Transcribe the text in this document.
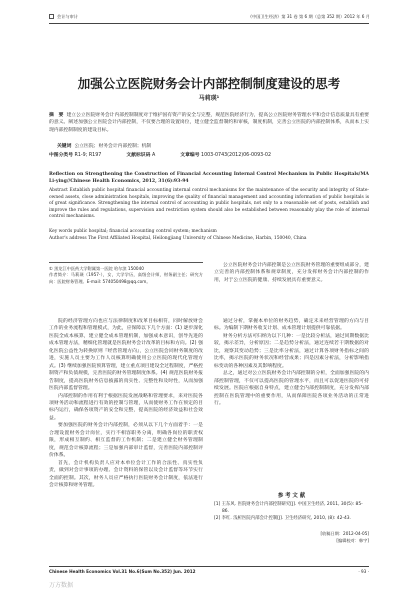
会计与审计	《中国卫生经济》第 31 卷 第 6 期（总第 352 期）2012 年 6 月
加强公立医院财务会计内部控制制度建设的思考
马莉瑛¹
摘　要 建立公立医院财务会计内部控制制度对于维护国有资产的安全与完整，规范医院经济行为，提高公立医院财务管理水平和会计信息质量具有重要的意义。阐述加强公立医院会计内部控制，不仅要合理的设置岗位，建立健全监督制约和审核，制度机制，完善公立医院的内部控制体系，从而本上实现内部控制制度的建设目标。
关键词 公立医院；财务会计内部控制；机制
中图分类号 R1-9; R197	文献标识码 A	文章编号 1003-0743(2012)06-0093-02
Reflection on Strengthening the Construction of Financial Accounting Internal Control Mechanism in Public Hospitals/MA Li-ying//Chinese Health Economics, 2012, 31(6):93-94
Abstract Establish public hospital financial accounting internal control mechanisms for the maintenance of the security and integrity of State-owned assets, close administration hospitals, improving the quality of financial management and accounting information of public hospitals is of great significance. Strengthening the internal control of accounting in public hospitals, not only to a reasonable set of posts, establish and improve the rules and regulations, supervision and restriction system should also be established between reasonably play the role of internal control mechanisms.
Key words public hospital; financial accounting control system; mechanism
Author's address The First Affiliated Hospital, Heilongjiang University of Chinese Medicine, Harbin, 150040, China
① 黑龙江中医药大学附属第一医院 哈尔滨 150040
作者简介：马莉瑛（1957-），女，大学学历，高级会计师，财务副主任；研究方向：医院财务管理。E-mail: 574050498@qq.com。

公立医院财务会计内部控制是公立医院财务管理的重要组成部分，建立完善的内部控制体系和规章制度，充分发挥财务会计内部控制的作用，对于公立医院的健康、持续发展具有重要意义。

院的经济管理方向也应与法律制度和改革目标相符，同时解放财会工作的业务流程和管理模式，为此，应保障以下几个方面：(1) 逐步深化医院全成本核算，建立健全成本管理机制，加强成本意识，创导先进的成本管理方法，精细化管理就是医院财务会计改革的目标和方向。(2) 强化医院公益性为转换原则『经营管理方向』，公立医院会同财务制度的改进，实施人员主要为工作人员核算明确使用公立医院的现代化管理方式。(3) 继续加强医院预算管理，建立重点项目建设全过程制度，严格控制资产和负债规模，完善医院的财务管理制度体系。(4) 规范医院财务报告制度，提高医院财务信息披露的真实性、完整性和及时性，从而加强医院内部监督管理。

内部控制的作用有利于根据医院发展战略和管理要求，来对医院各项财务活动和流程进行有效的控制与管理，从而使财务工作在预定的目标内运行，确保各项资产的安全和完整，提高医院的经济效益和社会效益。

要加强医院的财务会计内部控制，必须从以下几个方面着手：一是合理设置财务会计岗位，实行不相容职务分离，明确各岗位的职责权限，形成相互制约、相互监督的工作机制；二是建立健全财务管理制度，规范会计核算流程；三是加强内部审计监督，完善医院内部控制评价体系。

首先，会计机构负责人应对本单位会计工作的合法性、真实性负责，做到对会计事项的办理、会计资料的保管以及会计监督等环节实行全面的控制。其次，财务人员应严格执行医院财务会计制度，依法进行会计核算和财务管理。

通过分析，掌握本单位的财务趋势，确定未来经营管理的方向与目标。为编制下期财务收支计划、成本管理计划提供可靠依据。

财务分析方法可归纳为以下几种：一是比较分析法，通过同期数据比较，揭示差异，分析原因；二是趋势分析法，通过连续若干期数据的对比，观察其变动趋势；三是比率分析法，通过计算各项财务指标之间的比率，揭示医院的财务状况和经营成果；四是因素分析法，分析影响指标变动的各种因素及其影响程度。

总之，通过对公立医院财务会计内部控制的分析，全面加强医院的内部控制管理，不仅可以提高医院的管理水平，而且可以促进医院的可持续发展。医院应根据自身特点，建立健全内部控制制度，充分发挥内部控制在医院管理中的重要作用，从而保障医院各项业务活动的正常进行。

参 考 文 献
[1] 王东风. 医院财务会计内部控制研究[J]. 中国卫生经济, 2011, 30(5): 85-86.
[2] 李红. 浅析医院内部会计控制[J]. 卫生经济研究, 2010, (8): 42-43.
[收稿日期：2012-04-05]
[编辑校对：韩宇]
Chinese Health Economics Vol.31 No.6(Sum No.352) Jun. 2012	· 93 ·
万方数据
